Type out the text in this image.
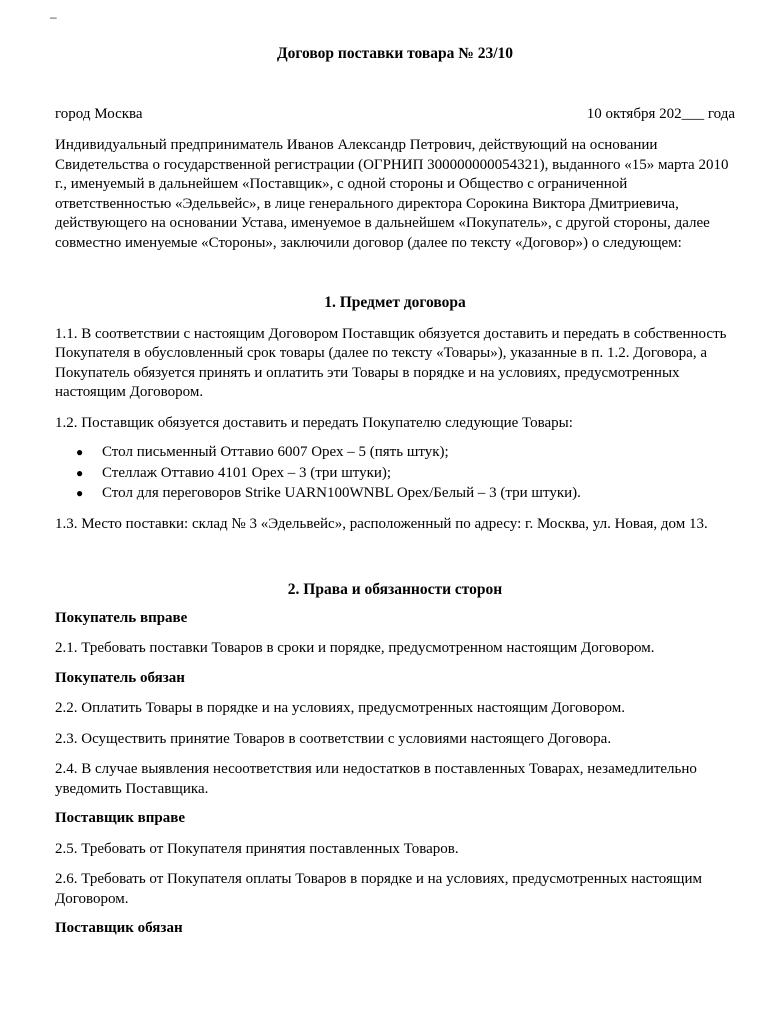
–
Договор поставки товара № 23/10
город Москва	10 октября 202___ года

Индивидуальный предприниматель Иванов Александр Петрович, действующий на основании Свидетельства о государственной регистрации (ОГРНИП 300000000054321), выданного «15» марта 2010 г., именуемый в дальнейшем «Поставщик», с одной стороны и Общество с ограниченной ответственностью «Эдельвейс», в лице генерального директора Сорокина Виктора Дмитриевича, действующего на основании Устава, именуемое в дальнейшем «Покупатель», с другой стороны, далее совместно именуемые «Стороны», заключили договор (далее по тексту «Договор») о следующем:

1. Предмет договора

1.1. В соответствии с настоящим Договором Поставщик обязуется доставить и передать в собственность Покупателя в обусловленный срок товары (далее по тексту «Товары»), указанные в п. 1.2. Договора, а Покупатель обязуется принять и оплатить эти Товары в порядке и на условиях, предусмотренных настоящим Договором.

1.2. Поставщик обязуется доставить и передать Покупателю следующие Товары:

● Стол письменный Оттавио 6007 Орех – 5 (пять штук);
● Стеллаж Оттавио 4101 Орех – 3 (три штуки);
● Стол для переговоров Strike UARN100WNBL Орех/Белый – 3 (три штуки).

1.3. Место поставки: склад № 3 «Эдельвейс», расположенный по адресу: г. Москва, ул. Новая, дом 13.

2. Права и обязанности сторон

Покупатель вправе

2.1. Требовать поставки Товаров в сроки и порядке, предусмотренном настоящим Договором.

Покупатель обязан

2.2. Оплатить Товары в порядке и на условиях, предусмотренных настоящим Договором.

2.3. Осуществить принятие Товаров в соответствии с условиями настоящего Договора.

2.4. В случае выявления несоответствия или недостатков в поставленных Товарах, незамедлительно уведомить Поставщика.

Поставщик вправе

2.5. Требовать от Покупателя принятия поставленных Товаров.

2.6. Требовать от Покупателя оплаты Товаров в порядке и на условиях, предусмотренных настоящим Договором.

Поставщик обязан
